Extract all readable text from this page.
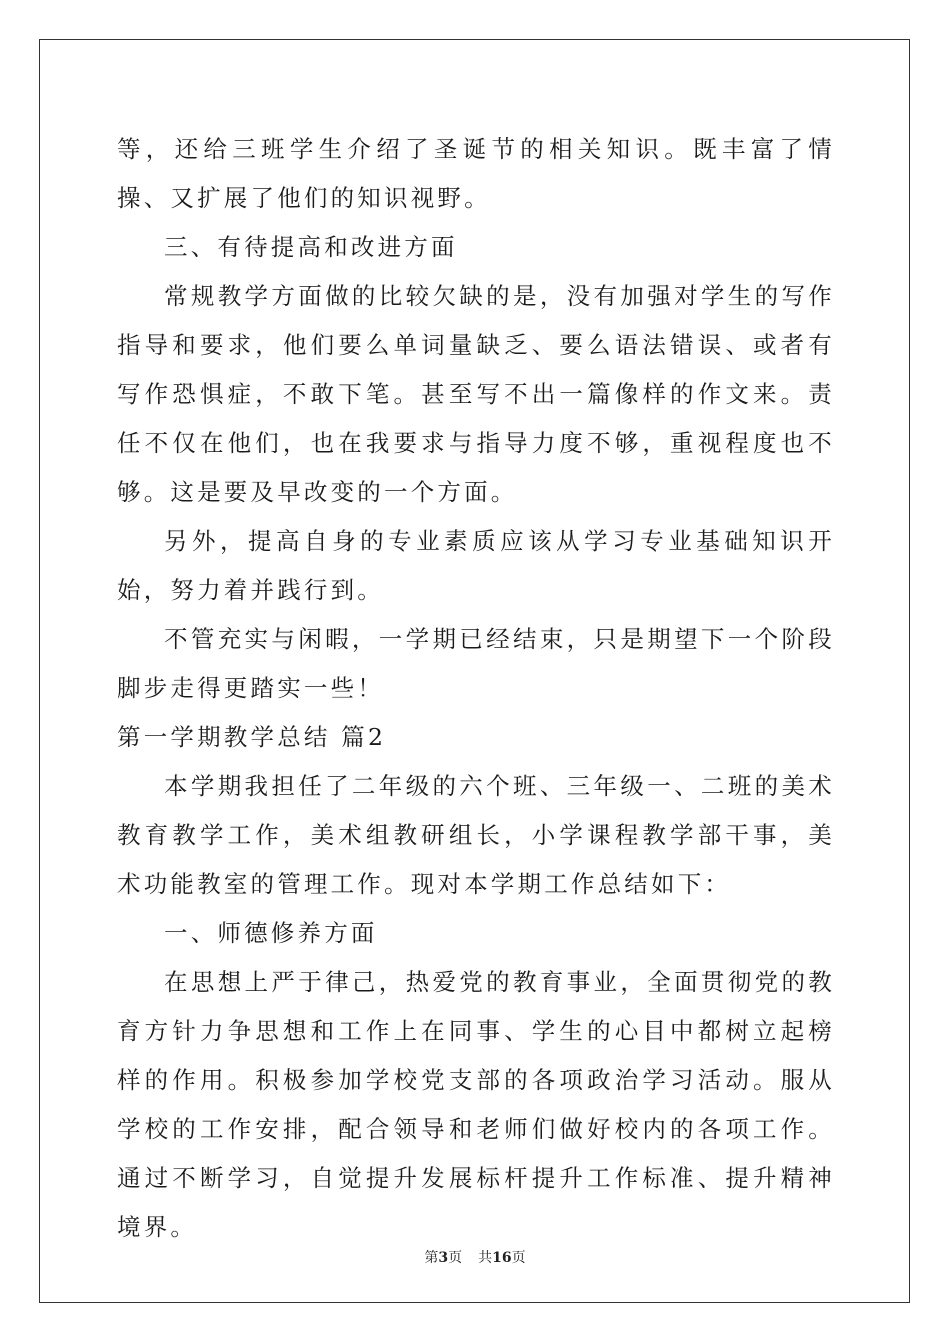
等，还给三班学生介绍了圣诞节的相关知识。既丰富了情操、又扩展了他们的知识视野。

三、有待提高和改进方面

常规教学方面做的比较欠缺的是，没有加强对学生的写作指导和要求，他们要么单词量缺乏、要么语法错误、或者有写作恐惧症，不敢下笔。甚至写不出一篇像样的作文来。责任不仅在他们，也在我要求与指导力度不够，重视程度也不够。这是要及早改变的一个方面。

另外，提高自身的专业素质应该从学习专业基础知识开始，努力着并践行到。

不管充实与闲暇，一学期已经结束，只是期望下一个阶段脚步走得更踏实一些！

第一学期教学总结 篇2

本学期我担任了二年级的六个班、三年级一、二班的美术教育教学工作，美术组教研组长，小学课程教学部干事，美术功能教室的管理工作。现对本学期工作总结如下：

一、师德修养方面

在思想上严于律己，热爱党的教育事业，全面贯彻党的教育方针力争思想和工作上在同事、学生的心目中都树立起榜样的作用。积极参加学校党支部的各项政治学习活动。服从学校的工作安排，配合领导和老师们做好校内的各项工作。通过不断学习，自觉提升发展标杆提升工作标准、提升精神境界。

第3页 共16页
